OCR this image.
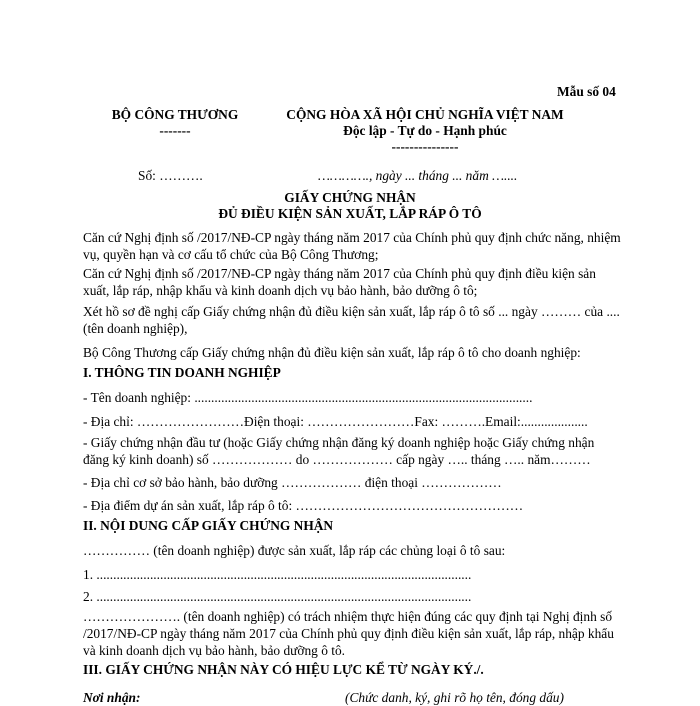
Mẫu số 04
BỘ CÔNG THƯƠNG
-------
CỘNG HÒA XÃ HỘI CHỦ NGHĨA VIỆT NAM
Độc lập - Tự do - Hạnh phúc
---------------
Số: ……….	…………., ngày ... tháng ... năm …....
GIẤY CHỨNG NHẬN
ĐỦ ĐIỀU KIỆN SẢN XUẤT, LẮP RÁP Ô TÔ
Căn cứ Nghị định số /2017/NĐ-CP ngày tháng năm 2017 của Chính phủ quy định chức năng, nhiệm vụ, quyền hạn và cơ cấu tổ chức của Bộ Công Thương;
Căn cứ Nghị định số /2017/NĐ-CP ngày tháng năm 2017 của Chính phủ quy định điều kiện sản xuất, lắp ráp, nhập khẩu và kinh doanh dịch vụ bảo hành, bảo dưỡng ô tô;
Xét hồ sơ đề nghị cấp Giấy chứng nhận đủ điều kiện sản xuất, lắp ráp ô tô số ... ngày ……… của .... (tên doanh nghiệp),
Bộ Công Thương cấp Giấy chứng nhận đủ điều kiện sản xuất, lắp ráp ô tô cho doanh nghiệp:
I. THÔNG TIN DOANH NGHIỆP
- Tên doanh nghiệp: .....................................................................................................
- Địa chỉ: ……………………Điện thoại: ……………………Fax: ……….Email:....................
- Giấy chứng nhận đầu tư (hoặc Giấy chứng nhận đăng ký doanh nghiệp hoặc Giấy chứng nhận đăng ký kinh doanh) số ……………… do ……………… cấp ngày ….. tháng ….. năm………
- Địa chỉ cơ sở bảo hành, bảo dưỡng ……………… điện thoại ………………
- Địa điểm dự án sản xuất, lắp ráp ô tô: ……………………………………………
II. NỘI DUNG CẤP GIẤY CHỨNG NHẬN
…………… (tên doanh nghiệp) được sản xuất, lắp ráp các chủng loại ô tô sau:
1. ................................................................................................................
2. ................................................................................................................
…………………. (tên doanh nghiệp) có trách nhiệm thực hiện đúng các quy định tại Nghị định số /2017/NĐ-CP ngày tháng năm 2017 của Chính phủ quy định điều kiện sản xuất, lắp ráp, nhập khẩu và kinh doanh dịch vụ bảo hành, bảo dưỡng ô tô.
III. GIẤY CHỨNG NHẬN NÀY CÓ HIỆU LỰC KỂ TỪ NGÀY KÝ./.
Nơi nhận:	(Chức danh, ký, ghi rõ họ tên, đóng dấu)
